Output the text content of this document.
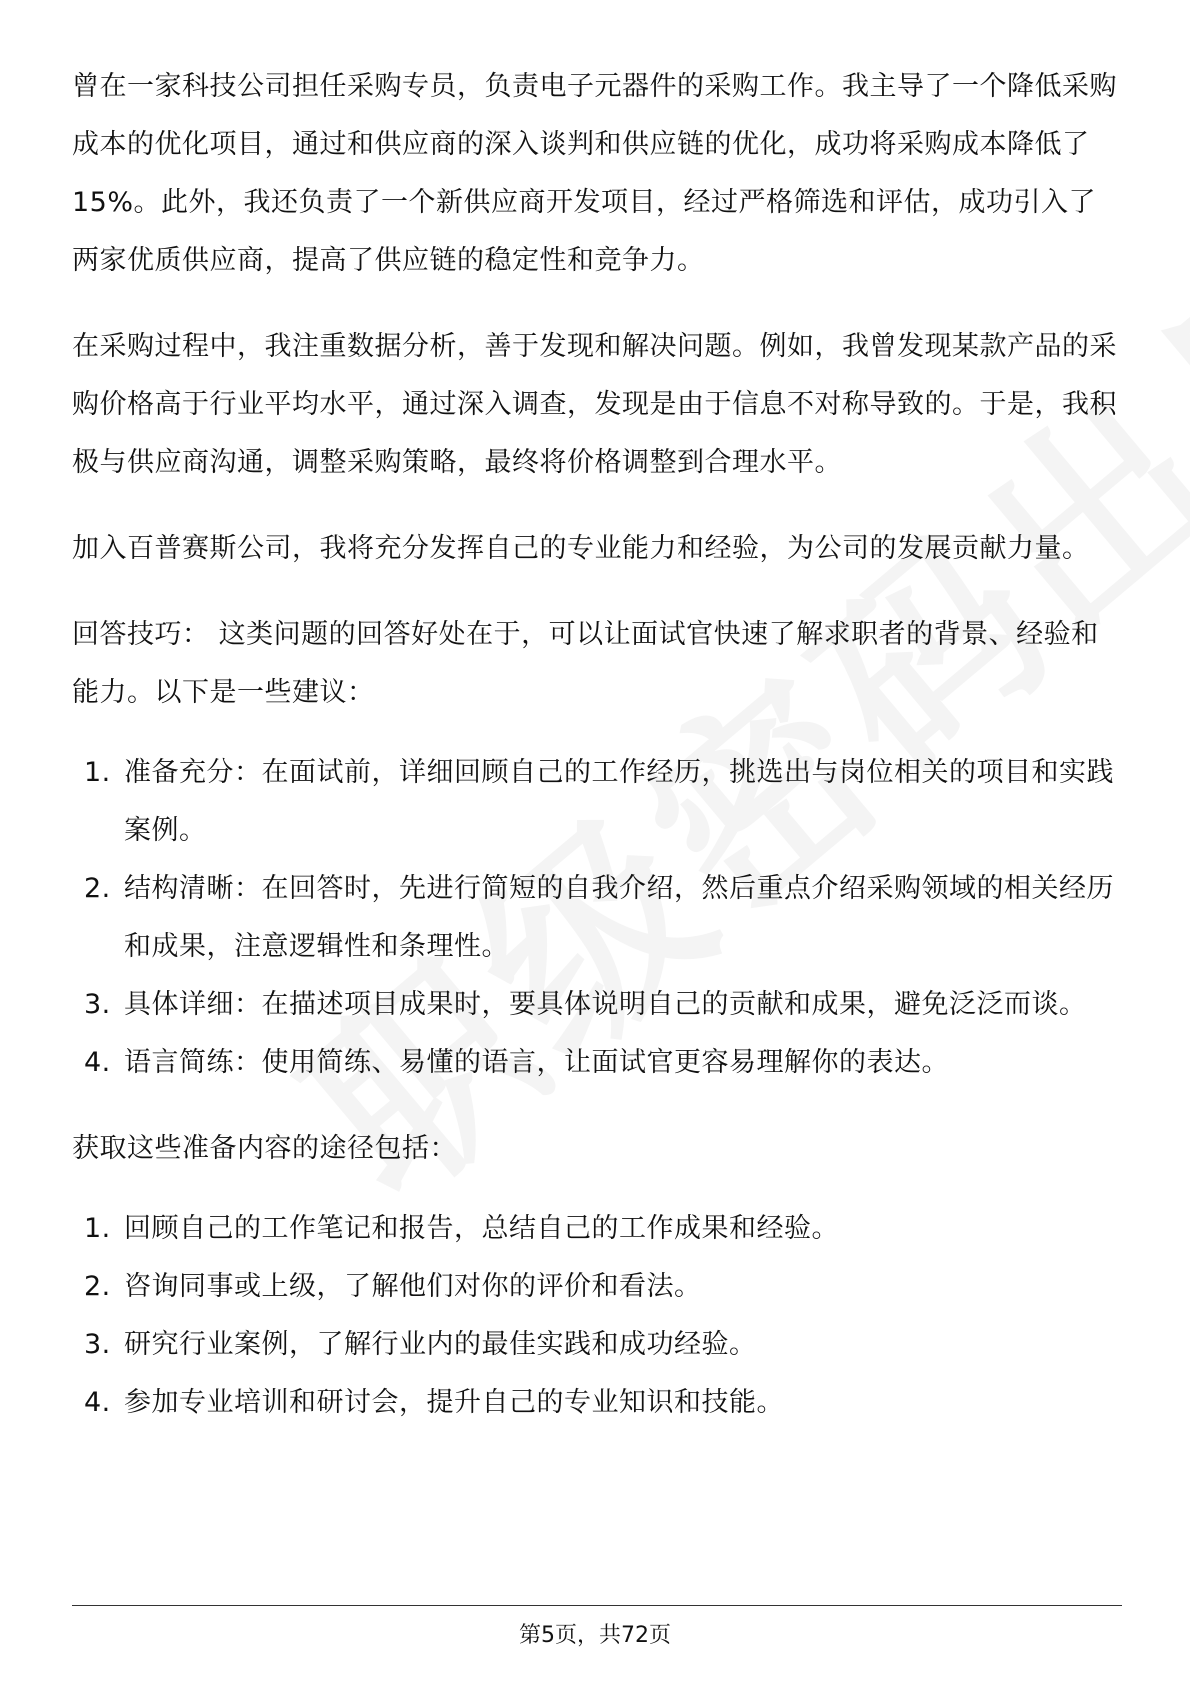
曾在一家科技公司担任采购专员，负责电子元器件的采购工作。我主导了一个降低采购成本的优化项目，通过和供应商的深入谈判和供应链的优化，成功将采购成本降低了15%。此外，我还负责了一个新供应商开发项目，经过严格筛选和评估，成功引入了两家优质供应商，提高了供应链的稳定性和竞争力。

在采购过程中，我注重数据分析，善于发现和解决问题。例如，我曾发现某款产品的采购价格高于行业平均水平，通过深入调查，发现是由于信息不对称导致的。于是，我积极与供应商沟通，调整采购策略，最终将价格调整到合理水平。

加入百普赛斯公司，我将充分发挥自己的专业能力和经验，为公司的发展贡献力量。

回答技巧： 这类问题的回答好处在于，可以让面试官快速了解求职者的背景、经验和能力。以下是一些建议：

1. 准备充分：在面试前，详细回顾自己的工作经历，挑选出与岗位相关的项目和实践案例。
2. 结构清晰：在回答时，先进行简短的自我介绍，然后重点介绍采购领域的相关经历和成果，注意逻辑性和条理性。
3. 具体详细：在描述项目成果时，要具体说明自己的贡献和成果，避免泛泛而谈。
4. 语言简练：使用简练、易懂的语言，让面试官更容易理解你的表达。

获取这些准备内容的途径包括：

1. 回顾自己的工作笔记和报告，总结自己的工作成果和经验。
2. 咨询同事或上级，了解他们对你的评价和看法。
3. 研究行业案例，了解行业内的最佳实践和成功经验。
4. 参加专业培训和研讨会，提升自己的专业知识和技能。
第5页，共72页
